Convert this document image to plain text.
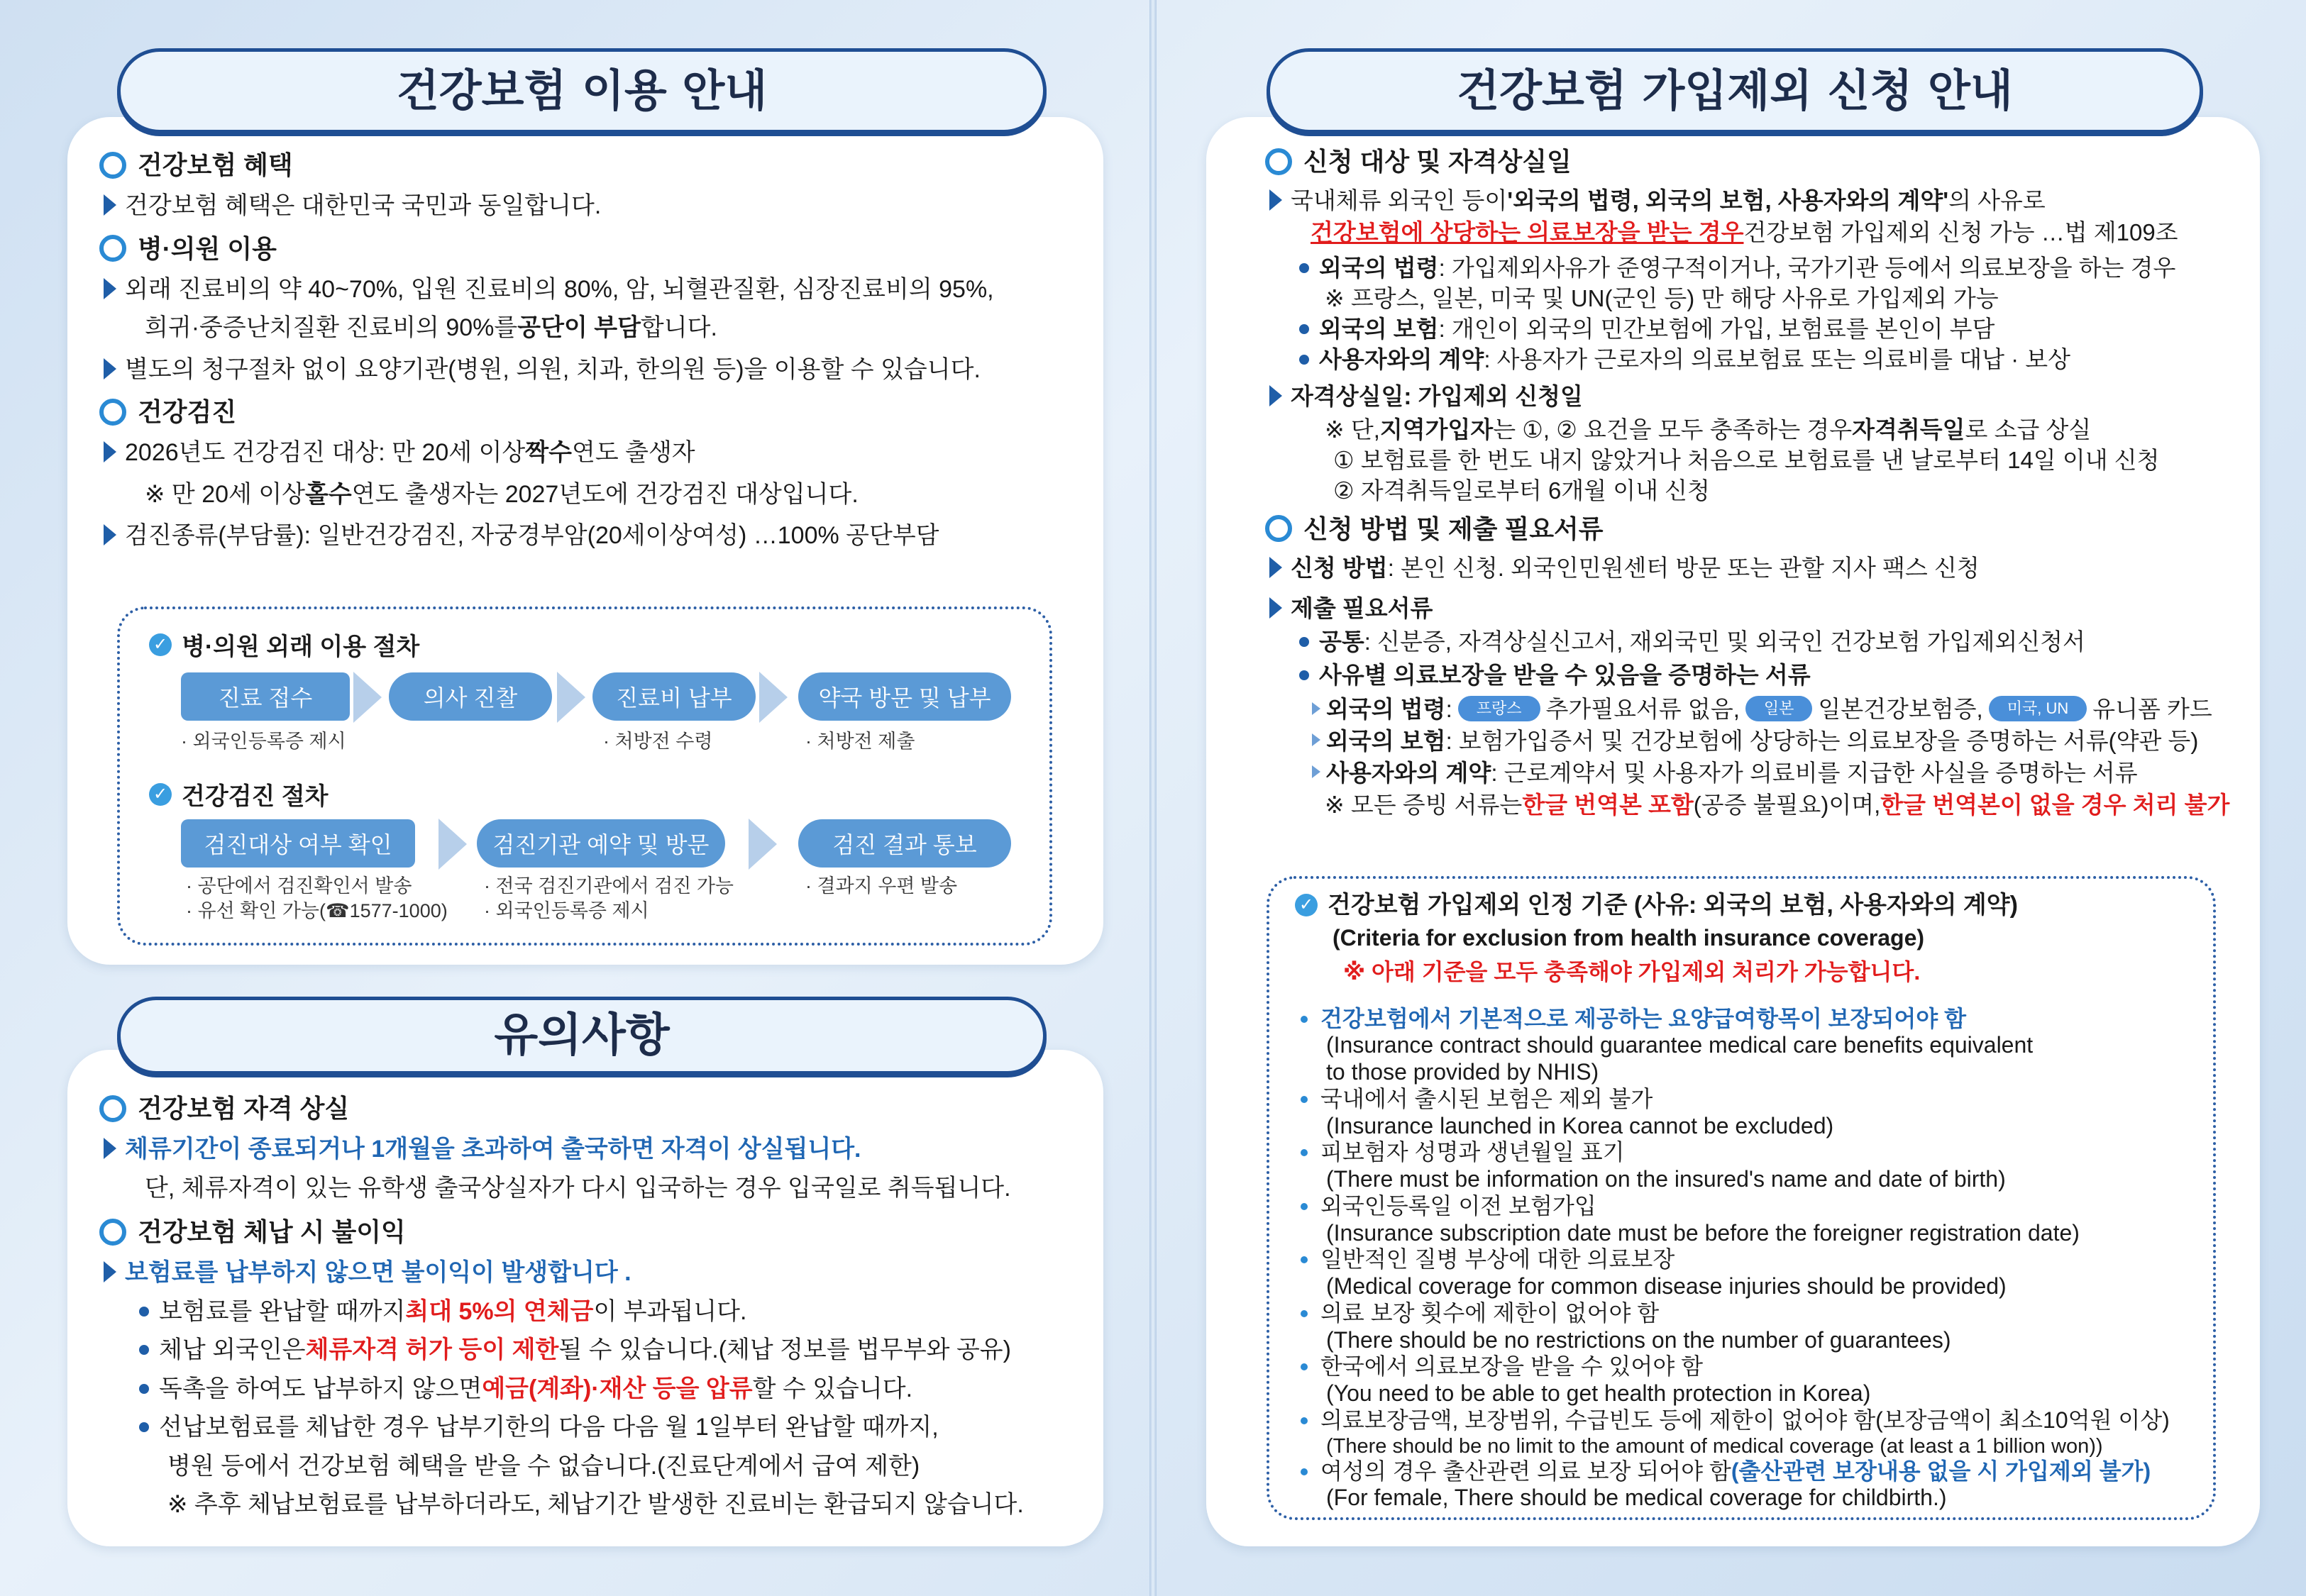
건강보험 이용 안내
건강보험 혜택
건강보험 혜택은 대한민국 국민과 동일합니다.
병·의원 이용
외래 진료비의 약 40~70%, 입원 진료비의 80%, 암, 뇌혈관질환, 심장진료비의 95%,
희귀·중증난치질환 진료비의 90%를 공단이 부담 합니다.
별도의 청구절차 없이 요양기관(병원, 의원, 치과, 한의원 등)을 이용할 수 있습니다.
건강검진
2026년도 건강검진 대상: 만 20세 이상 짝수 연도 출생자
※ 만 20세 이상 홀수 연도 출생자는 2027년도에 건강검진 대상입니다.
검진종류(부담률): 일반건강검진, 자궁경부암(20세이상여성) …100% 공단부담
✓ 병·의원 외래 이용 절차
진료 접수	의사 진찰	진료비 납부	약국 방문 및 납부
· 외국인등록증 제시	· 처방전 수령	· 처방전 제출
✓ 건강검진 절차
검진대상 여부 확인	검진기관 예약 및 방문	검진 결과 통보
· 공단에서 검진확인서 발송
· 유선 확인 가능(☎1577-1000)
· 전국 검진기관에서 검진 가능
· 외국인등록증 제시
· 결과지 우편 발송
유의사항
건강보험 자격 상실
체류기간이 종료되거나 1개월을 초과하여 출국하면 자격이 상실됩니다.
단, 체류자격이 있는 유학생 출국상실자가 다시 입국하는 경우 입국일로 취득됩니다.
건강보험 체납 시 불이익
보험료를 납부하지 않으면 불이익이 발생합니다 .
보험료를 완납할 때까지 최대 5%의 연체금 이 부과됩니다.
체납 외국인은 체류자격 허가 등이 제한 될 수 있습니다.(체납 정보를 법무부와 공유)
독촉을 하여도 납부하지 않으면 예금(계좌)·재산 등을 압류 할 수 있습니다.
선납보험료를 체납한 경우 납부기한의 다음 다음 월 1일부터 완납할 때까지,
병원 등에서 건강보험 혜택을 받을 수 없습니다.(진료단계에서 급여 제한)
※ 추후 체납보험료를 납부하더라도, 체납기간 발생한 진료비는 환급되지 않습니다.
건강보험 가입제외 신청 안내
신청 대상 및 자격상실일
국내체류 외국인 등이 '외국의 법령, 외국의 보험, 사용자와의 계약' 의 사유로
건강보험에 상당하는 의료보장을 받는 경우 건강보험 가입제외 신청 가능 …법 제109조
외국의 법령 : 가입제외사유가 준영구적이거나, 국가기관 등에서 의료보장을 하는 경우
※ 프랑스, 일본, 미국 및 UN(군인 등) 만 해당 사유로 가입제외 가능
외국의 보험 : 개인이 외국의 민간보험에 가입, 보험료를 본인이 부담
사용자와의 계약 : 사용자가 근로자의 의료보험료 또는 의료비를 대납 · 보상
자격상실일: 가입제외 신청일
※ 단, 지역가입자 는 ①, ② 요건을 모두 충족하는 경우 자격취득일 로 소급 상실
① 보험료를 한 번도 내지 않았거나 처음으로 보험료를 낸 날로부터 14일 이내 신청
② 자격취득일로부터 6개월 이내 신청
신청 방법 및 제출 필요서류
신청 방법 : 본인 신청. 외국인민원센터 방문 또는 관할 지사 팩스 신청
제출 필요서류
공통 : 신분증, 자격상실신고서, 재외국민 및 외국인 건강보험 가입제외신청서
사유별 의료보장을 받을 수 있음을 증명하는 서류
외국의 법령 :	프랑스	추가필요서류 없음,	일본	일본건강보험증,	미국, UN	유니폼 카드
외국의 보험 : 보험가입증서 및 건강보험에 상당하는 의료보장을 증명하는 서류(약관 등)
사용자와의 계약 : 근로계약서 및 사용자가 의료비를 지급한 사실을 증명하는 서류
※ 모든 증빙 서류는 한글 번역본 포함 (공증 불필요)이며, 한글 번역본이 없을 경우 처리 불가
✓ 건강보험 가입제외 인정 기준 (사유: 외국의 보험, 사용자와의 계약)
(Criteria for exclusion from health insurance coverage)
※ 아래 기준을 모두 충족해야 가입제외 처리가 가능합니다.
건강보험에서 기본적으로 제공하는 요양급여항목이 보장되어야 함
(Insurance contract should guarantee medical care benefits equivalent
to those provided by NHIS)
국내에서 출시된 보험은 제외 불가
(Insurance launched in Korea cannot be excluded)
피보험자 성명과 생년월일 표기
(There must be information on the insured's name and date of birth)
외국인등록일 이전 보험가입
(Insurance subscription date must be before the foreigner registration date)
일반적인 질병 부상에 대한 의료보장
(Medical coverage for common disease injuries should be provided)
의료 보장 횟수에 제한이 없어야 함
(There should be no restrictions on the number of guarantees)
한국에서 의료보장을 받을 수 있어야 함
(You need to be able to get health protection in Korea)
의료보장금액, 보장범위, 수급빈도 등에 제한이 없어야 함(보장금액이 최소10억원 이상)
(There should be no limit to the amount of medical coverage (at least a 1 billion won))
여성의 경우 출산관련 의료 보장 되어야 함 (출산관련 보장내용 없을 시 가입제외 불가)
(For female, There should be medical coverage for childbirth.)
